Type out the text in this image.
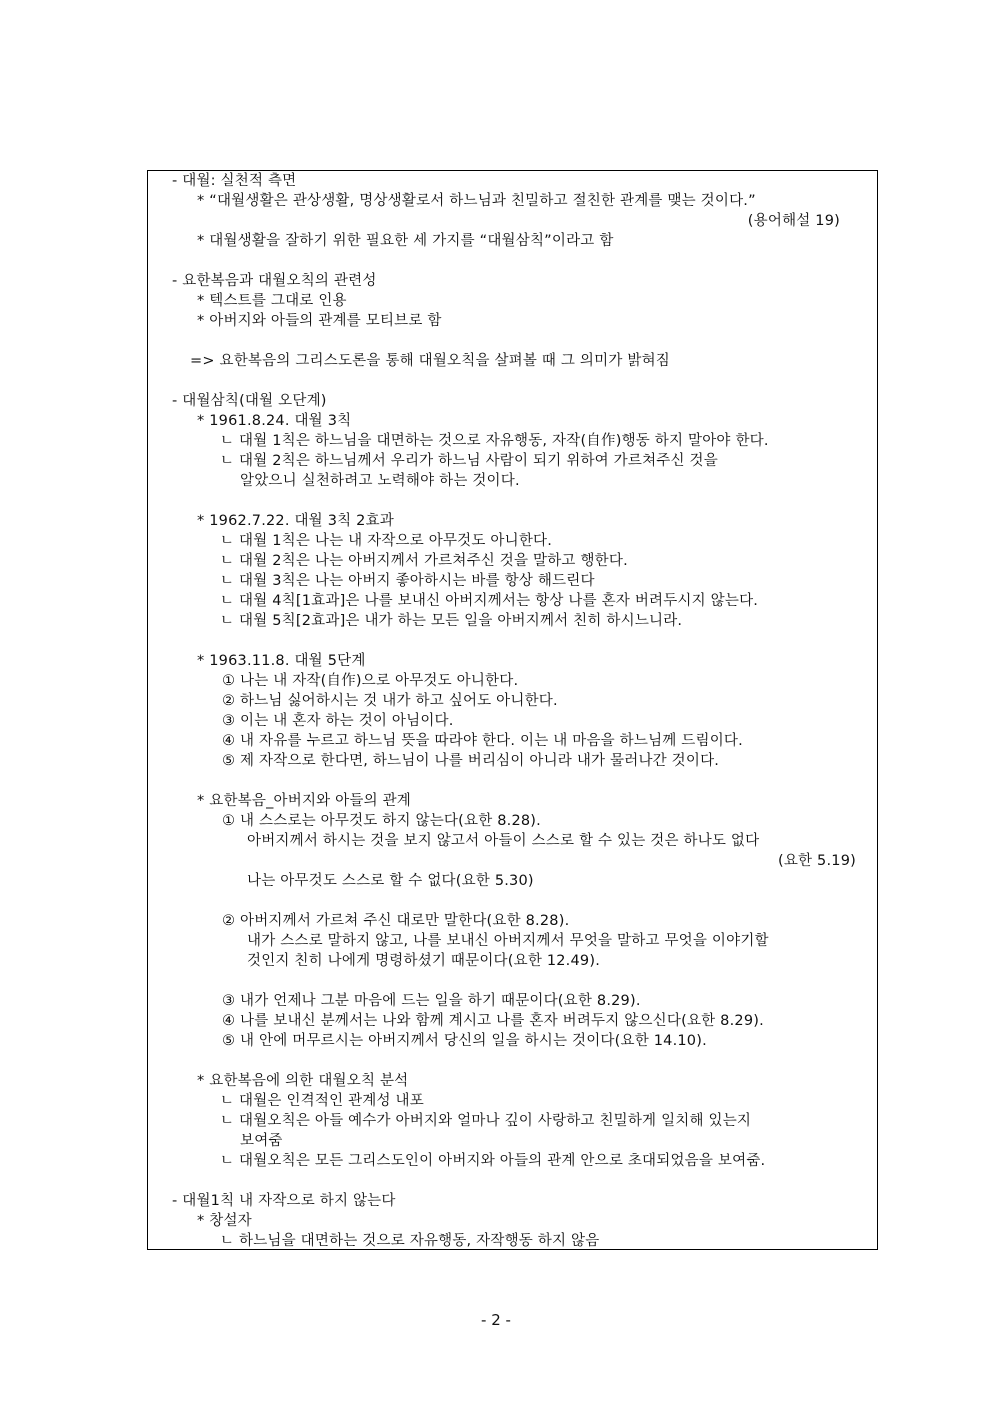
- 대월: 실천적 측면
* “대월생활은 관상생활, 명상생활로서 하느님과 친밀하고 절친한 관계를 맺는 것이다.”
(용어해설 19)
* 대월생활을 잘하기 위한 필요한 세 가지를 “대월삼칙”이라고 함
- 요한복음과 대월오칙의 관련성
* 텍스트를 그대로 인용
* 아버지와 아들의 관계를 모티브로 함
=> 요한복음의 그리스도론을 통해 대월오칙을 살펴볼 때 그 의미가 밝혀짐
- 대월삼칙(대월 오단계)
* 1961.8.24. 대월 3칙
ㄴ 대월 1칙은 하느님을 대면하는 것으로 자유행동, 자작(自作)행동 하지 말아야 한다.
ㄴ 대월 2칙은 하느님께서 우리가 하느님 사람이 되기 위하여 가르쳐주신 것을
알았으니 실천하려고 노력해야 하는 것이다.
* 1962.7.22. 대월 3칙 2효과
ㄴ 대월 1칙은 나는 내 자작으로 아무것도 아니한다.
ㄴ 대월 2칙은 나는 아버지께서 가르쳐주신 것을 말하고 행한다.
ㄴ 대월 3칙은 나는 아버지 좋아하시는 바를 항상 해드린다
ㄴ 대월 4칙[1효과]은 나를 보내신 아버지께서는 항상 나를 혼자 버려두시지 않는다.
ㄴ 대월 5칙[2효과]은 내가 하는 모든 일을 아버지께서 친히 하시느니라.
* 1963.11.8. 대월 5단계
① 나는 내 자작(自作)으로 아무것도 아니한다.
② 하느님 싫어하시는 것 내가 하고 싶어도 아니한다.
③ 이는 내 혼자 하는 것이 아님이다.
④ 내 자유를 누르고 하느님 뜻을 따라야 한다. 이는 내 마음을 하느님께 드림이다.
⑤ 제 자작으로 한다면, 하느님이 나를 버리심이 아니라 내가 물러나간 것이다.
* 요한복음_아버지와 아들의 관계
① 내 스스로는 아무것도 하지 않는다(요한 8.28).
아버지께서 하시는 것을 보지 않고서 아들이 스스로 할 수 있는 것은 하나도 없다
(요한 5.19)
나는 아무것도 스스로 할 수 없다(요한 5.30)
② 아버지께서 가르쳐 주신 대로만 말한다(요한 8.28).
내가 스스로 말하지 않고, 나를 보내신 아버지께서 무엇을 말하고 무엇을 이야기할
것인지 친히 나에게 명령하셨기 때문이다(요한 12.49).
③ 내가 언제나 그분 마음에 드는 일을 하기 때문이다(요한 8.29).
④ 나를 보내신 분께서는 나와 함께 계시고 나를 혼자 버려두지 않으신다(요한 8.29).
⑤ 내 안에 머무르시는 아버지께서 당신의 일을 하시는 것이다(요한 14.10).
* 요한복음에 의한 대월오칙 분석
ㄴ 대월은 인격적인 관계성 내포
ㄴ 대월오칙은 아들 예수가 아버지와 얼마나 깊이 사랑하고 친밀하게 일치해 있는지
보여줌
ㄴ 대월오칙은 모든 그리스도인이 아버지와 아들의 관계 안으로 초대되었음을 보여줌.
- 대월1칙 내 자작으로 하지 않는다
* 창설자
ㄴ 하느님을 대면하는 것으로 자유행동, 자작행동 하지 않음
- 2 -
